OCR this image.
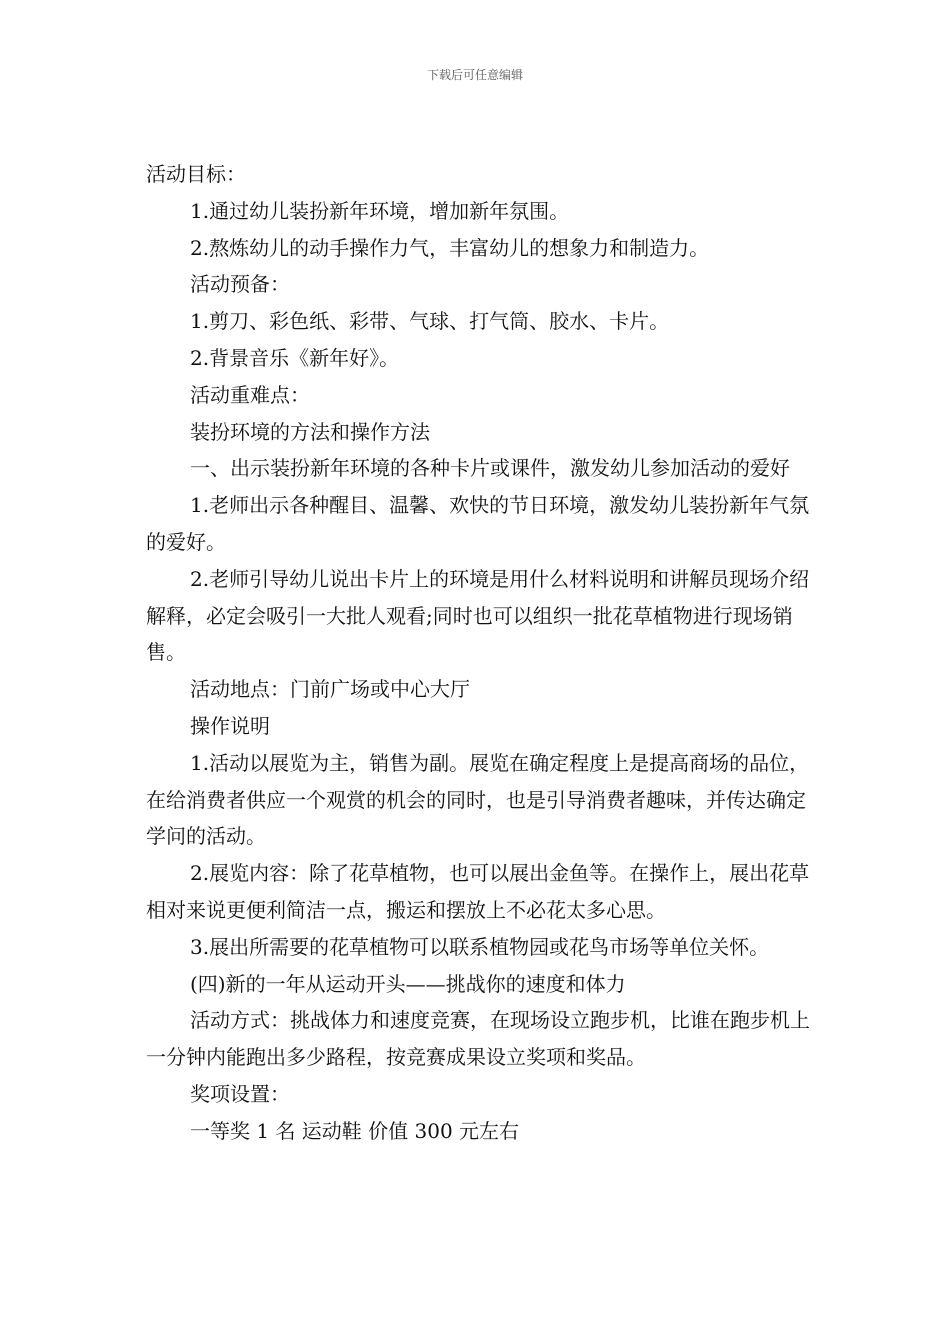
下载后可任意编辑

活动目标：

1.通过幼儿装扮新年环境，增加新年氛围。

2.熬炼幼儿的动手操作力气，丰富幼儿的想象力和制造力。

活动预备：

1.剪刀、彩色纸、彩带、气球、打气筒、胶水、卡片。

2.背景音乐《新年好》。

活动重难点：

装扮环境的方法和操作方法

一、出示装扮新年环境的各种卡片或课件，激发幼儿参加活动的爱好

1.老师出示各种醒目、温馨、欢快的节日环境，激发幼儿装扮新年气氛的爱好。

2.老师引导幼儿说出卡片上的环境是用什么材料说明和讲解员现场介绍解释，必定会吸引一大批人观看;同时也可以组织一批花草植物进行现场销售。

活动地点：门前广场或中心大厅

操作说明

1.活动以展览为主，销售为副。展览在确定程度上是提高商场的品位，在给消费者供应一个观赏的机会的同时，也是引导消费者趣味，并传达确定学问的活动。

2.展览内容：除了花草植物，也可以展出金鱼等。在操作上，展出花草相对来说更便利简洁一点，搬运和摆放上不必花太多心思。

3.展出所需要的花草植物可以联系植物园或花鸟市场等单位关怀。

(四)新的一年从运动开头——挑战你的速度和体力

活动方式：挑战体力和速度竞赛，在现场设立跑步机，比谁在跑步机上一分钟内能跑出多少路程，按竞赛成果设立奖项和奖品。

奖项设置：

一等奖 1 名 运动鞋 价值 300 元左右
